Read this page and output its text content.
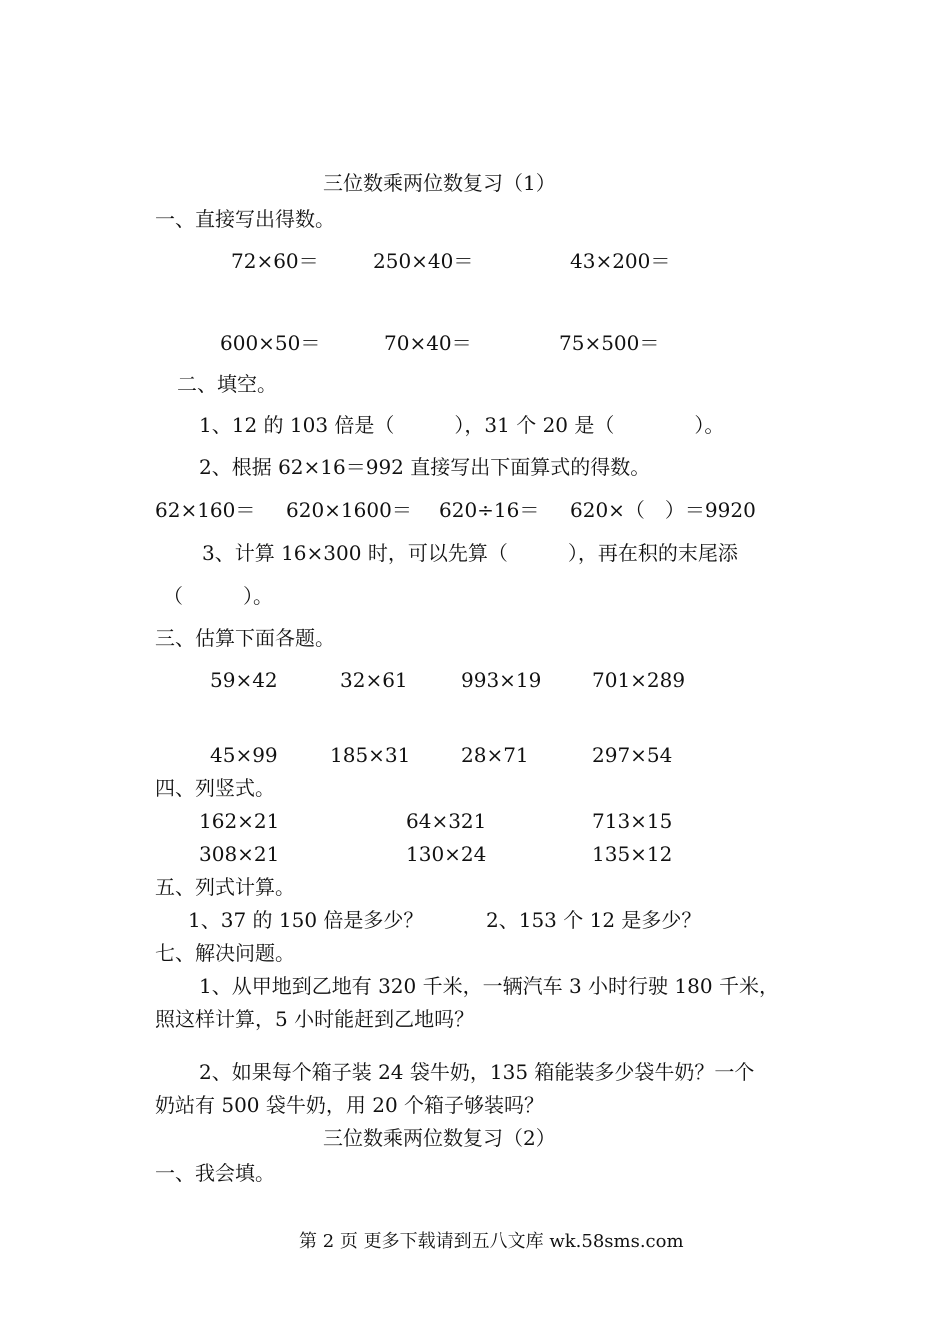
三位数乘两位数复习（1）
一、直接写出得数。
72×60＝	250×40＝	43×200＝
600×50＝	70×40＝	75×500＝
二、填空。
1、12 的 103 倍是（　　　），31 个 20 是（　　　　）。
2、根据 62×16＝992 直接写出下面算式的得数。
62×160＝ 620×1600＝ 620÷16＝ 620×（　）＝9920
3、计算 16×300 时，可以先算（　　　），再在积的末尾添
（　　　）。
三、估算下面各题。
59×42	32×61	993×19	701×289
45×99	185×31	28×71	297×54
四、列竖式。
162×21	64×321	713×15
308×21	130×24	135×12
五、列式计算。
1、37 的 150 倍是多少？	2、153 个 12 是多少？
七、解决问题。
1、从甲地到乙地有 320 千米，一辆汽车 3 小时行驶 180 千米，
照这样计算，5 小时能赶到乙地吗？
2、如果每个箱子装 24 袋牛奶，135 箱能装多少袋牛奶？一个
奶站有 500 袋牛奶，用 20 个箱子够装吗？
三位数乘两位数复习（2）
一、我会填。
第 2 页 更多下载请到五八文库 wk.58sms.com
